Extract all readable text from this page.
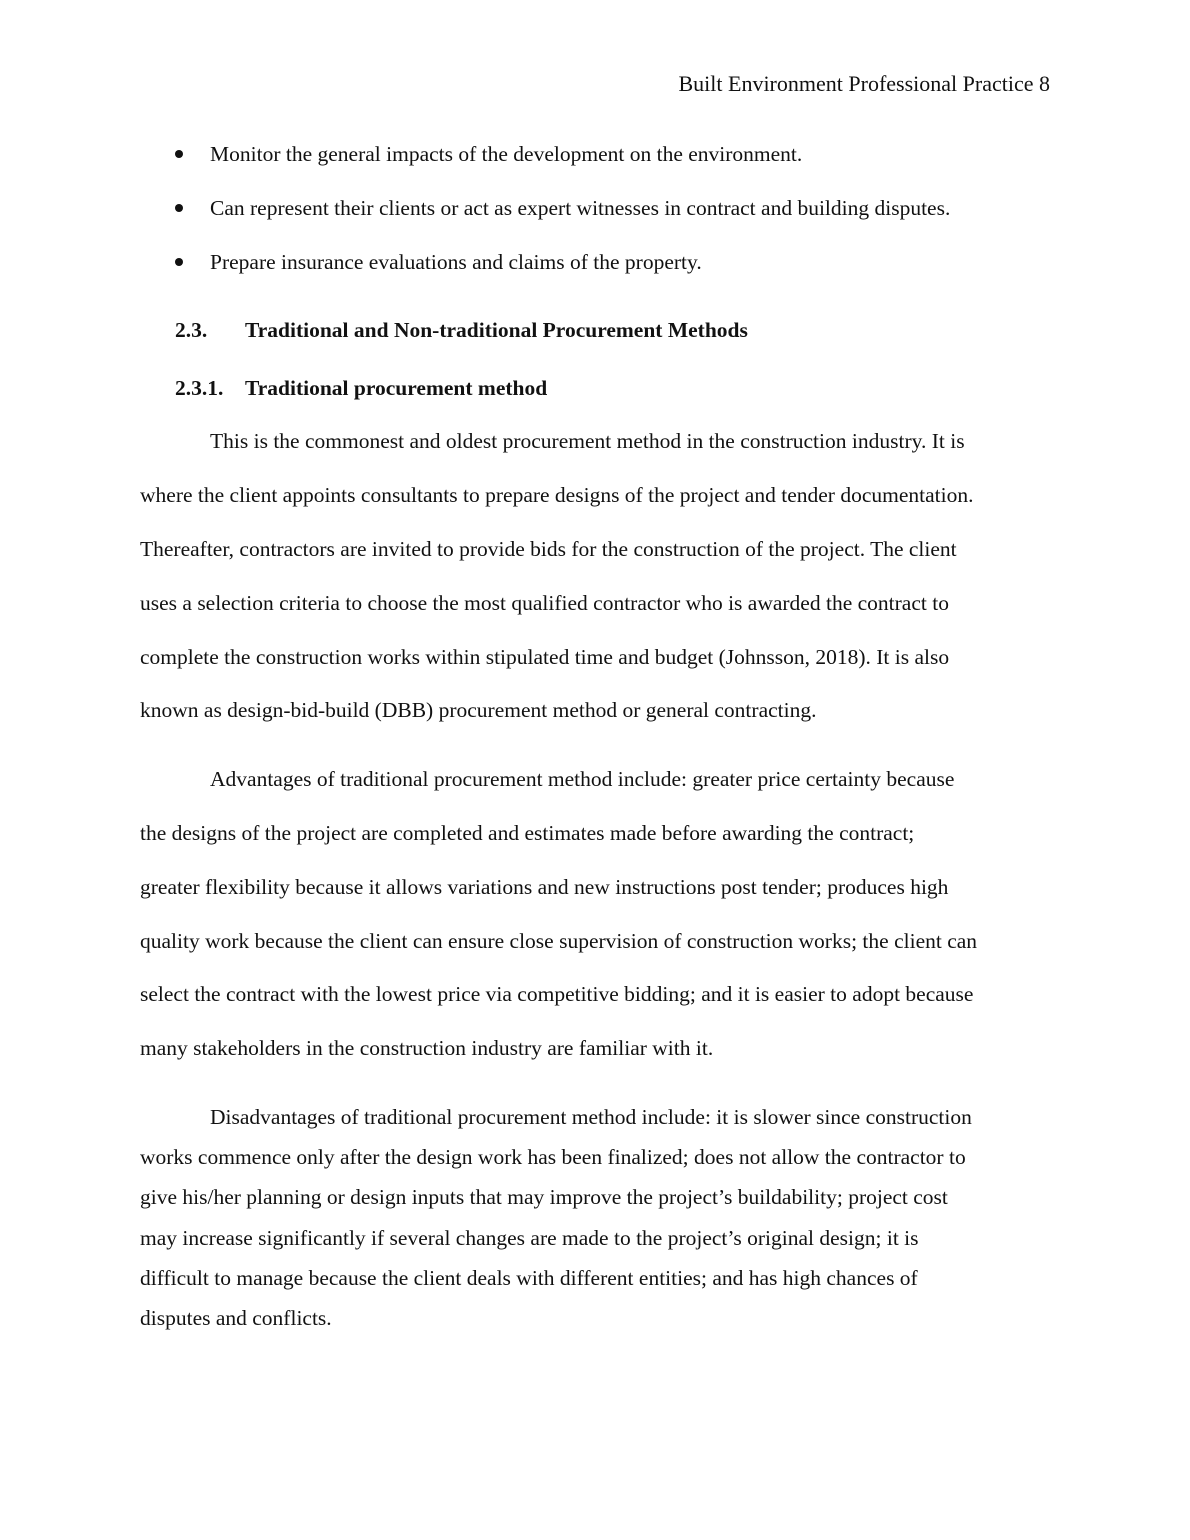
Built Environment Professional Practice 8
Monitor the general impacts of the development on the environment.
Can represent their clients or act as expert witnesses in contract and building disputes.
Prepare insurance evaluations and claims of the property.
2.3. Traditional and Non-traditional Procurement Methods
2.3.1. Traditional procurement method
This is the commonest and oldest procurement method in the construction industry. It is
where the client appoints consultants to prepare designs of the project and tender documentation.
Thereafter, contractors are invited to provide bids for the construction of the project. The client
uses a selection criteria to choose the most qualified contractor who is awarded the contract to
complete the construction works within stipulated time and budget (Johnsson, 2018). It is also
known as design-bid-build (DBB) procurement method or general contracting.
Advantages of traditional procurement method include: greater price certainty because
the designs of the project are completed and estimates made before awarding the contract;
greater flexibility because it allows variations and new instructions post tender; produces high
quality work because the client can ensure close supervision of construction works; the client can
select the contract with the lowest price via competitive bidding; and it is easier to adopt because
many stakeholders in the construction industry are familiar with it.
Disadvantages of traditional procurement method include: it is slower since construction
works commence only after the design work has been finalized; does not allow the contractor to
give his/her planning or design inputs that may improve the project’s buildability; project cost
may increase significantly if several changes are made to the project’s original design; it is
difficult to manage because the client deals with different entities; and has high chances of
disputes and conflicts.
